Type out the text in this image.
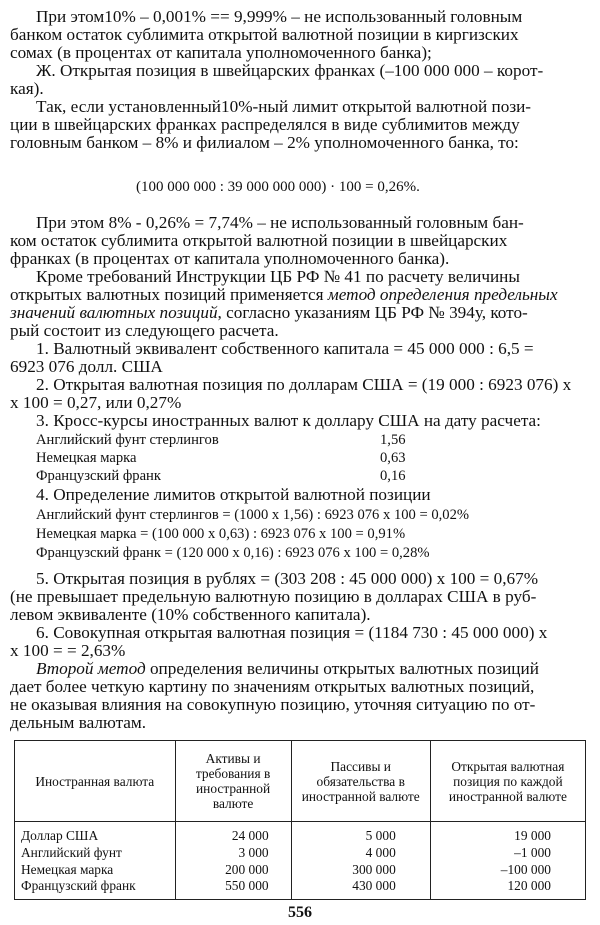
При этом10% – 0,001% == 9,999% – не использованный головным
банком остаток сублимита открытой валютной позиции в киргизских
сомах (в процентах от капитала уполномоченного банка);
Ж. Открытая позиция в швейцарских франках (–100 000 000 – корот-
кая).
Так, если установленный10%-ный лимит открытой валютной пози-
ции в швейцарских франках распределялся в виде сублимитов между
головным банком – 8% и филиалом – 2% уполномоченного банка, то:
(100 000 000 : 39 000 000 000) · 100 = 0,26%.
При этом 8% - 0,26% = 7,74% – не использованный головным бан-
ком остаток сублимита открытой валютной позиции в швейцарских
франках (в процентах от капитала уполномоченного банка).
Кроме требований Инструкции ЦБ РФ № 41 по расчету величины
открытых валютных позиций применяется метод определения предельных
значений валютных позиций, согласно указаниям ЦБ РФ № 394у, кото-
рый состоит из следующего расчета.
1. Валютный эквивалент собственного капитала = 45 000 000 : 6,5 =
6923 076 долл. США
2. Открытая валютная позиция по долларам США = (19 000 : 6923 076) х
х 100 = 0,27, или 0,27%
3. Кросс-курсы иностранных валют к доллару США на дату расчета:
Английский фунт стерлингов	1,56
Немецкая марка	0,63
Французский франк	0,16
4. Определение лимитов открытой валютной позиции
Английский фунт стерлингов = (1000 х 1,56) : 6923 076 х 100 = 0,02%
Немецкая марка = (100 000 х 0,63) : 6923 076 х 100 = 0,91%
Французский франк = (120 000 х 0,16) : 6923 076 х 100 = 0,28%
5. Открытая позиция в рублях = (303 208 : 45 000 000) х 100 = 0,67%
(не превышает предельную валютную позицию в долларах США в руб-
левом эквиваленте (10% собственного капитала).
6. Совокупная открытая валютная позиция = (1184 730 : 45 000 000) х
х 100 = = 2,63%
Второй метод определения величины открытых валютных позиций
дает более четкую картину по значениям открытых валютных позиций,
не оказывая влияния на совокупную позицию, уточняя ситуацию по от-
дельным валютам.
Иностранная валюта	Активы и требования в иностранной валюте	Пассивы и обязательства в иностранной валюте	Открытая валютная позиция по каждой иностранной валюте
Доллар США	24 000	5 000	19 000
Английский фунт	3 000	4 000	–1 000
Немецкая марка	200 000	300 000	–100 000
Французский франк	550 000	430 000	120 000
556
